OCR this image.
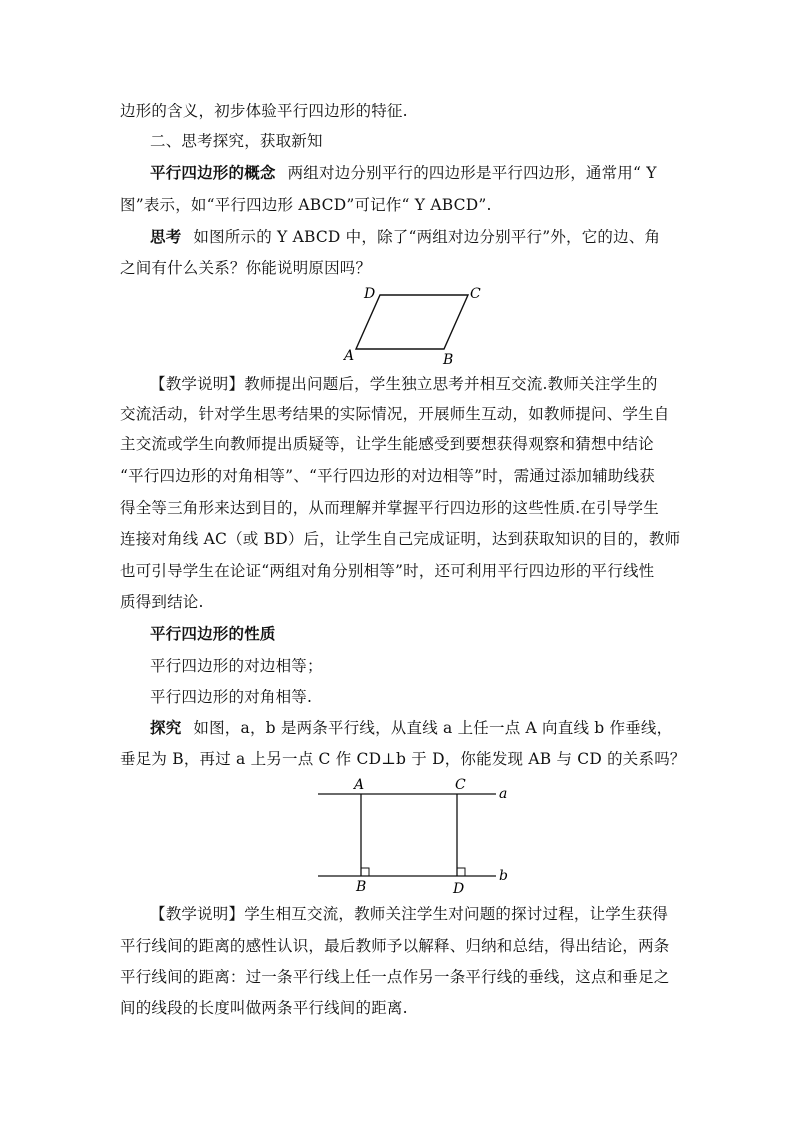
边形的含义，初步体验平行四边形的特征.
二、思考探究，获取新知
平行四边形的概念 两组对边分别平行的四边形是平行四边形，通常用“ Y
图”表示，如“平行四边形 ABCD”可记作“ Y ABCD”.
思考 如图所示的 Y ABCD 中，除了“两组对边分别平行”外，它的边、角
之间有什么关系？你能说明原因吗？
A	B
C
D
【教学说明】教师提出问题后，学生独立思考并相互交流.教师关注学生的
交流活动，针对学生思考结果的实际情况，开展师生互动，如教师提问、学生自
主交流或学生向教师提出质疑等，让学生能感受到要想获得观察和猜想中结论
“平行四边形的对角相等”、“平行四边形的对边相等”时，需通过添加辅助线获
得全等三角形来达到目的，从而理解并掌握平行四边形的这些性质.在引导学生
连接对角线 AC（或 BD）后，让学生自己完成证明，达到获取知识的目的，教师
也可引导学生在论证“两组对角分别相等”时，还可利用平行四边形的平行线性
质得到结论.
平行四边形的性质
平行四边形的对边相等；
平行四边形的对角相等.
探究 如图，a，b 是两条平行线，从直线 a 上任一点 A 向直线 b 作垂线，
垂足为 B，再过 a 上另一点 C 作 CD⊥b 于 D，你能发现 AB 与 CD 的关系吗？
A
B
C
D
a
b
【教学说明】学生相互交流，教师关注学生对问题的探讨过程，让学生获得
平行线间的距离的感性认识，最后教师予以解释、归纳和总结，得出结论，两条
平行线间的距离：过一条平行线上任一点作另一条平行线的垂线，这点和垂足之
间的线段的长度叫做两条平行线间的距离.
